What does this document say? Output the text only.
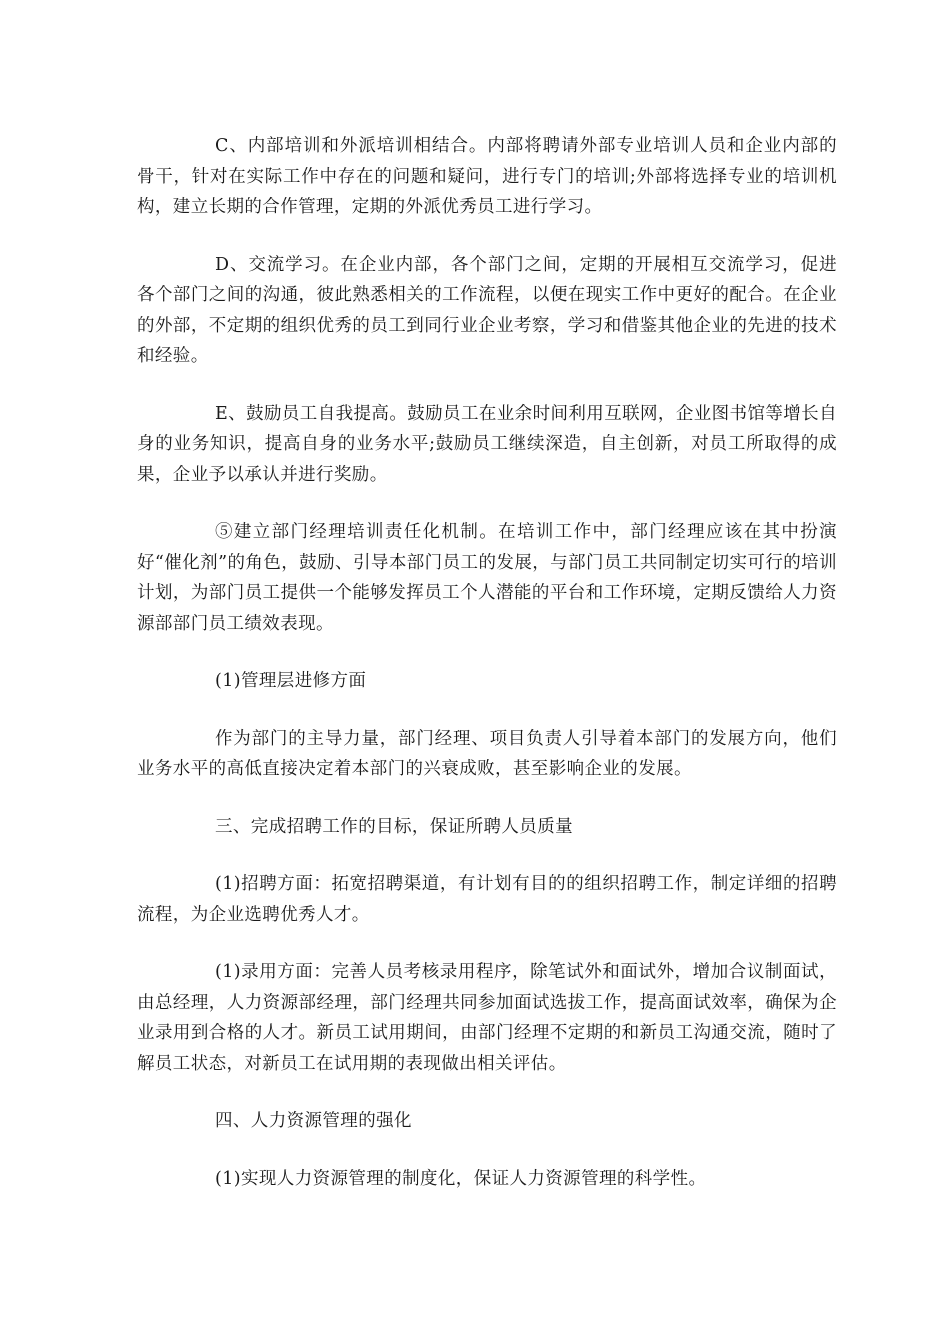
C、内部培训和外派培训相结合。内部将聘请外部专业培训人员和企业内部的骨干，针对在实际工作中存在的问题和疑问，进行专门的培训;外部将选择专业的培训机构，建立长期的合作管理，定期的外派优秀员工进行学习。

D、交流学习。在企业内部，各个部门之间，定期的开展相互交流学习，促进各个部门之间的沟通，彼此熟悉相关的工作流程，以便在现实工作中更好的配合。在企业的外部，不定期的组织优秀的员工到同行业企业考察，学习和借鉴其他企业的先进的技术和经验。

E、鼓励员工自我提高。鼓励员工在业余时间利用互联网，企业图书馆等增长自身的业务知识，提高自身的业务水平;鼓励员工继续深造，自主创新，对员工所取得的成果，企业予以承认并进行奖励。

⑤建立部门经理培训责任化机制。在培训工作中，部门经理应该在其中扮演好“催化剂”的角色，鼓励、引导本部门员工的发展，与部门员工共同制定切实可行的培训计划，为部门员工提供一个能够发挥员工个人潜能的平台和工作环境，定期反馈给人力资源部部门员工绩效表现。

(1)管理层进修方面

作为部门的主导力量，部门经理、项目负责人引导着本部门的发展方向，他们业务水平的高低直接决定着本部门的兴衰成败，甚至影响企业的发展。

三、完成招聘工作的目标，保证所聘人员质量

(1)招聘方面：拓宽招聘渠道，有计划有目的的组织招聘工作，制定详细的招聘流程，为企业选聘优秀人才。

(1)录用方面：完善人员考核录用程序，除笔试外和面试外，增加合议制面试，由总经理，人力资源部经理，部门经理共同参加面试选拔工作，提高面试效率，确保为企业录用到合格的人才。新员工试用期间，由部门经理不定期的和新员工沟通交流，随时了解员工状态，对新员工在试用期的表现做出相关评估。

四、人力资源管理的强化

(1)实现人力资源管理的制度化，保证人力资源管理的科学性。
